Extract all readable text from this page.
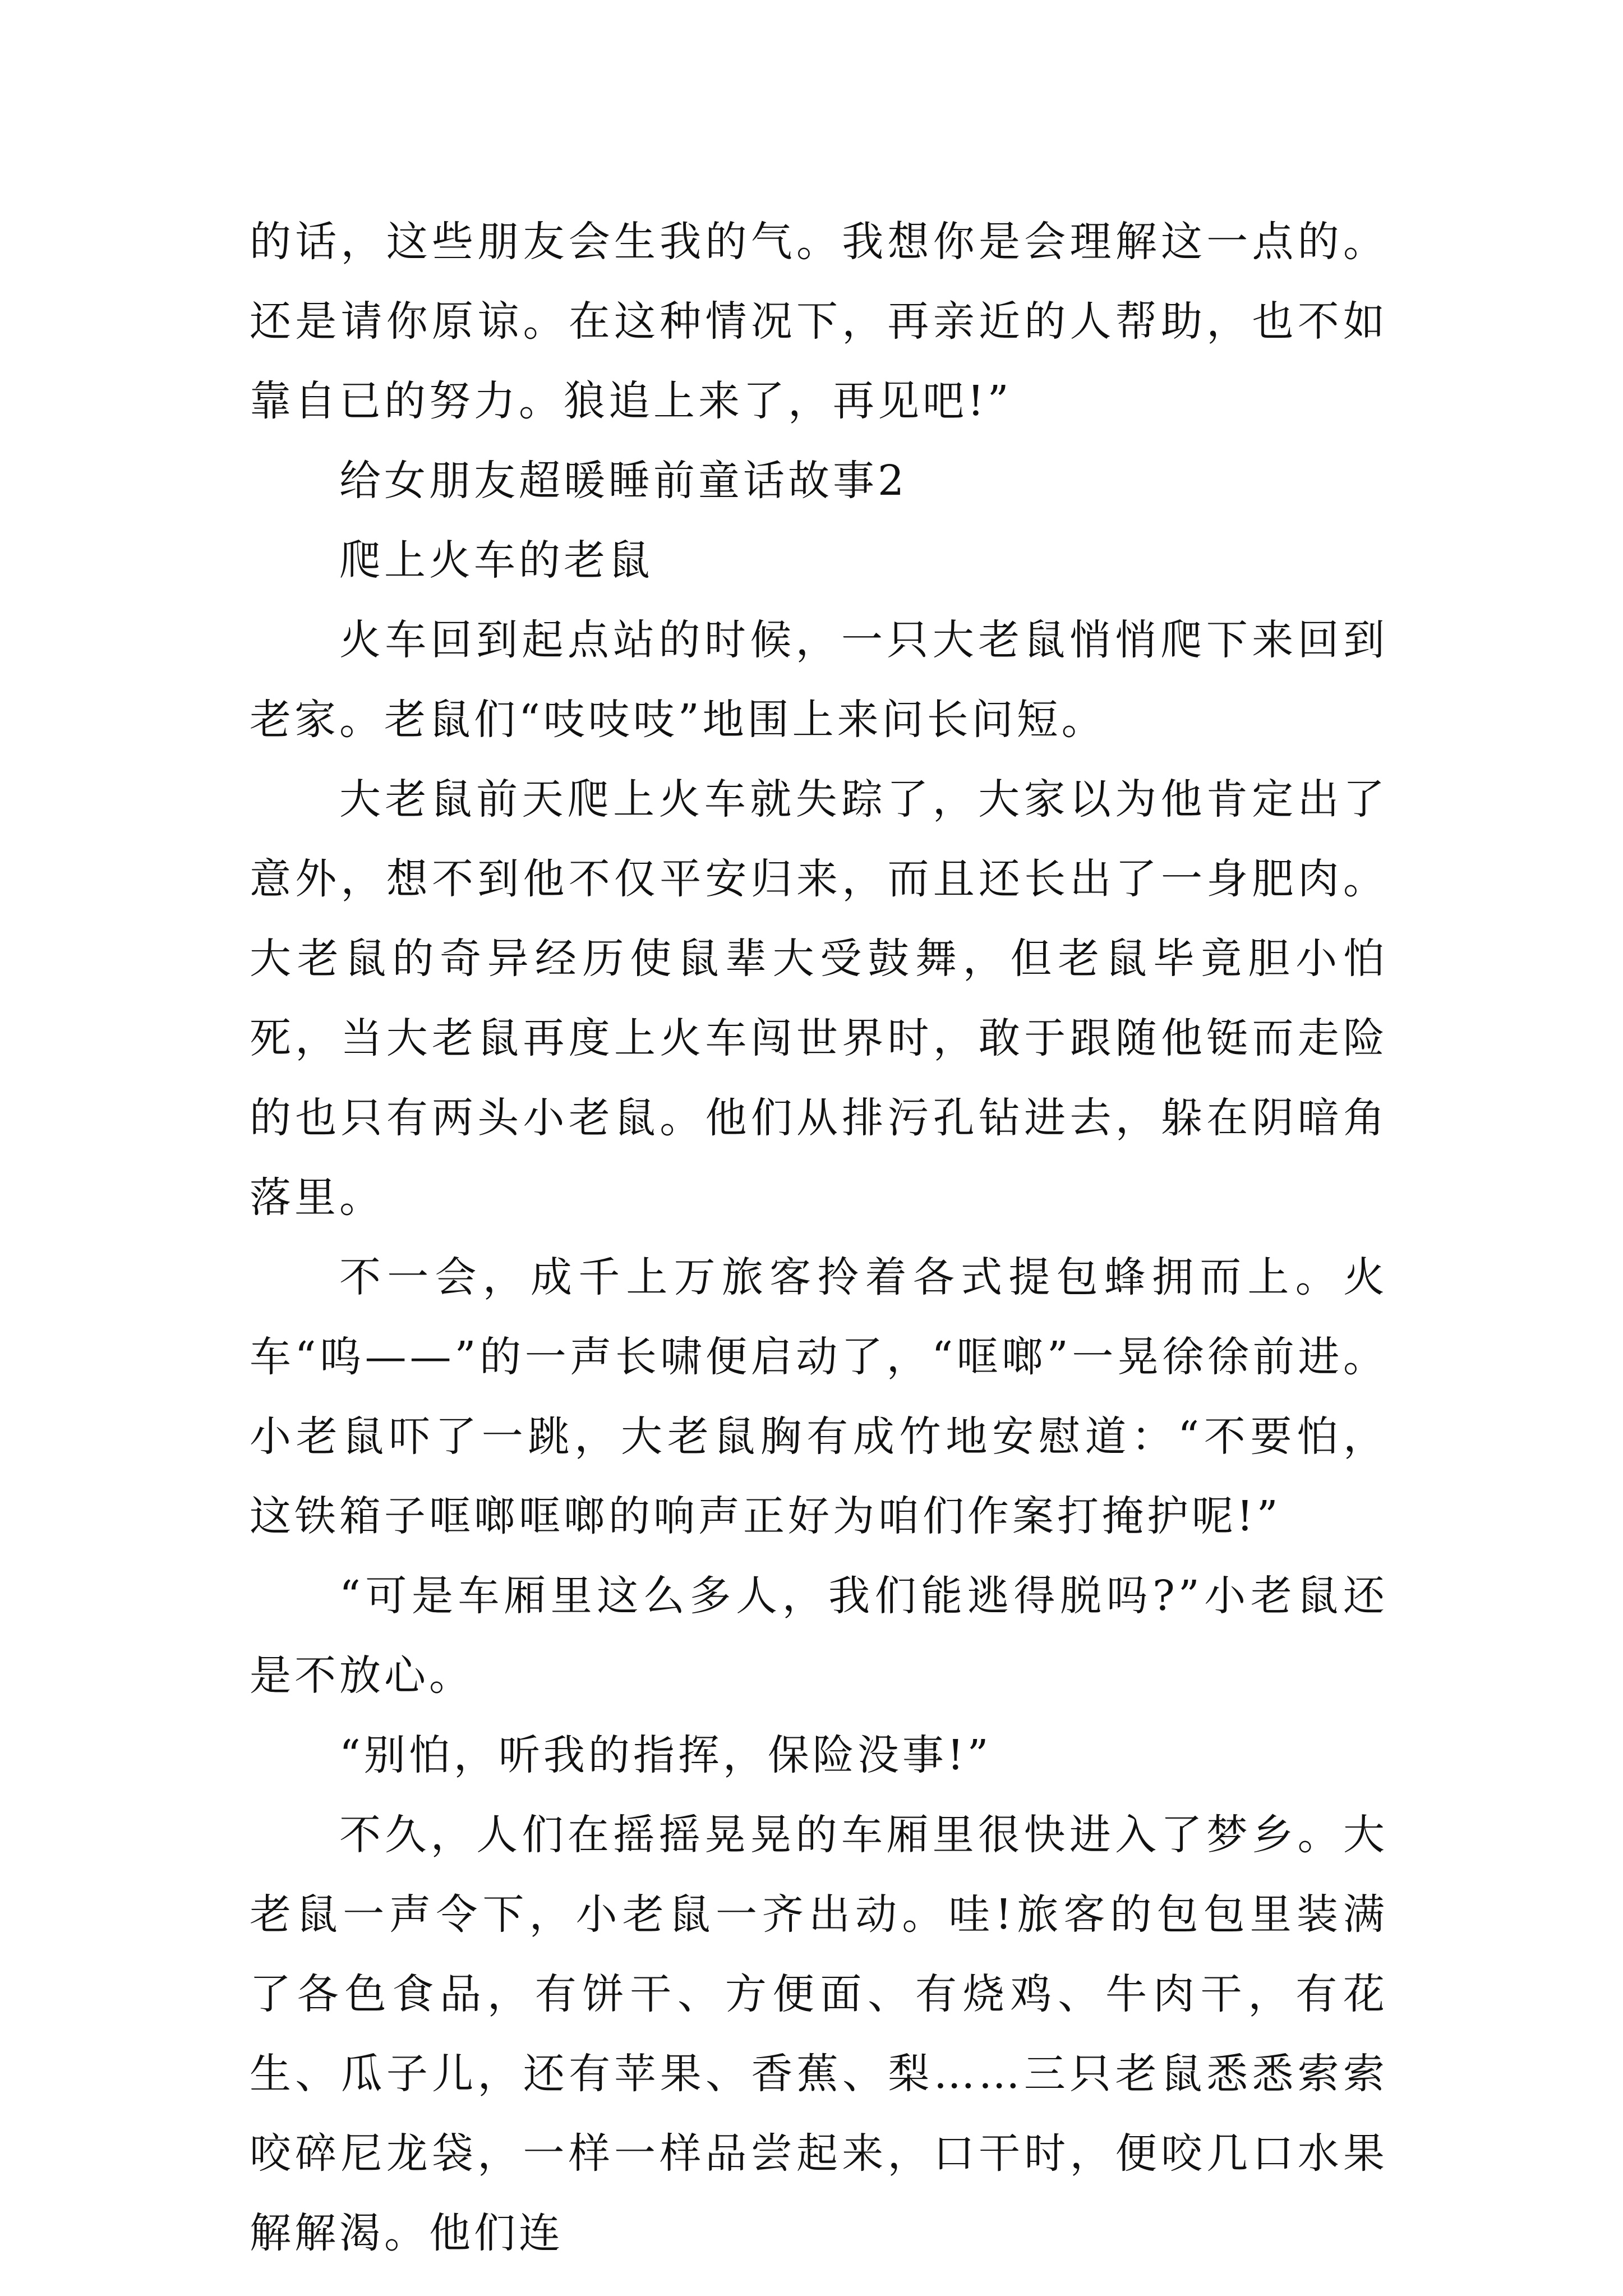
的话，这些朋友会生我的气。我想你是会理解这一点的。还是请你原谅。在这种情况下，再亲近的人帮助，也不如靠自已的努力。狼追上来了，再见吧!”

给女朋友超暖睡前童话故事2

爬上火车的老鼠

火车回到起点站的时候，一只大老鼠悄悄爬下来回到老家。老鼠们“吱吱吱”地围上来问长问短。

大老鼠前天爬上火车就失踪了，大家以为他肯定出了意外，想不到他不仅平安归来，而且还长出了一身肥肉。大老鼠的奇异经历使鼠辈大受鼓舞，但老鼠毕竟胆小怕死，当大老鼠再度上火车闯世界时，敢于跟随他铤而走险的也只有两头小老鼠。他们从排污孔钻进去，躲在阴暗角落里。

不一会，成千上万旅客拎着各式提包蜂拥而上。火车“呜——”的一声长啸便启动了，“哐啷”一晃徐徐前进。小老鼠吓了一跳，大老鼠胸有成竹地安慰道：“不要怕，这铁箱子哐啷哐啷的响声正好为咱们作案打掩护呢!”

“可是车厢里这么多人，我们能逃得脱吗?”小老鼠还是不放心。

“别怕，听我的指挥，保险没事!”

不久，人们在摇摇晃晃的车厢里很快进入了梦乡。大老鼠一声令下，小老鼠一齐出动。哇!旅客的包包里装满了各色食品，有饼干、方便面、有烧鸡、牛肉干，有花生、瓜子儿，还有苹果、香蕉、梨……三只老鼠悉悉索索咬碎尼龙袋，一样一样品尝起来，口干时，便咬几口水果解解渴。他们连
